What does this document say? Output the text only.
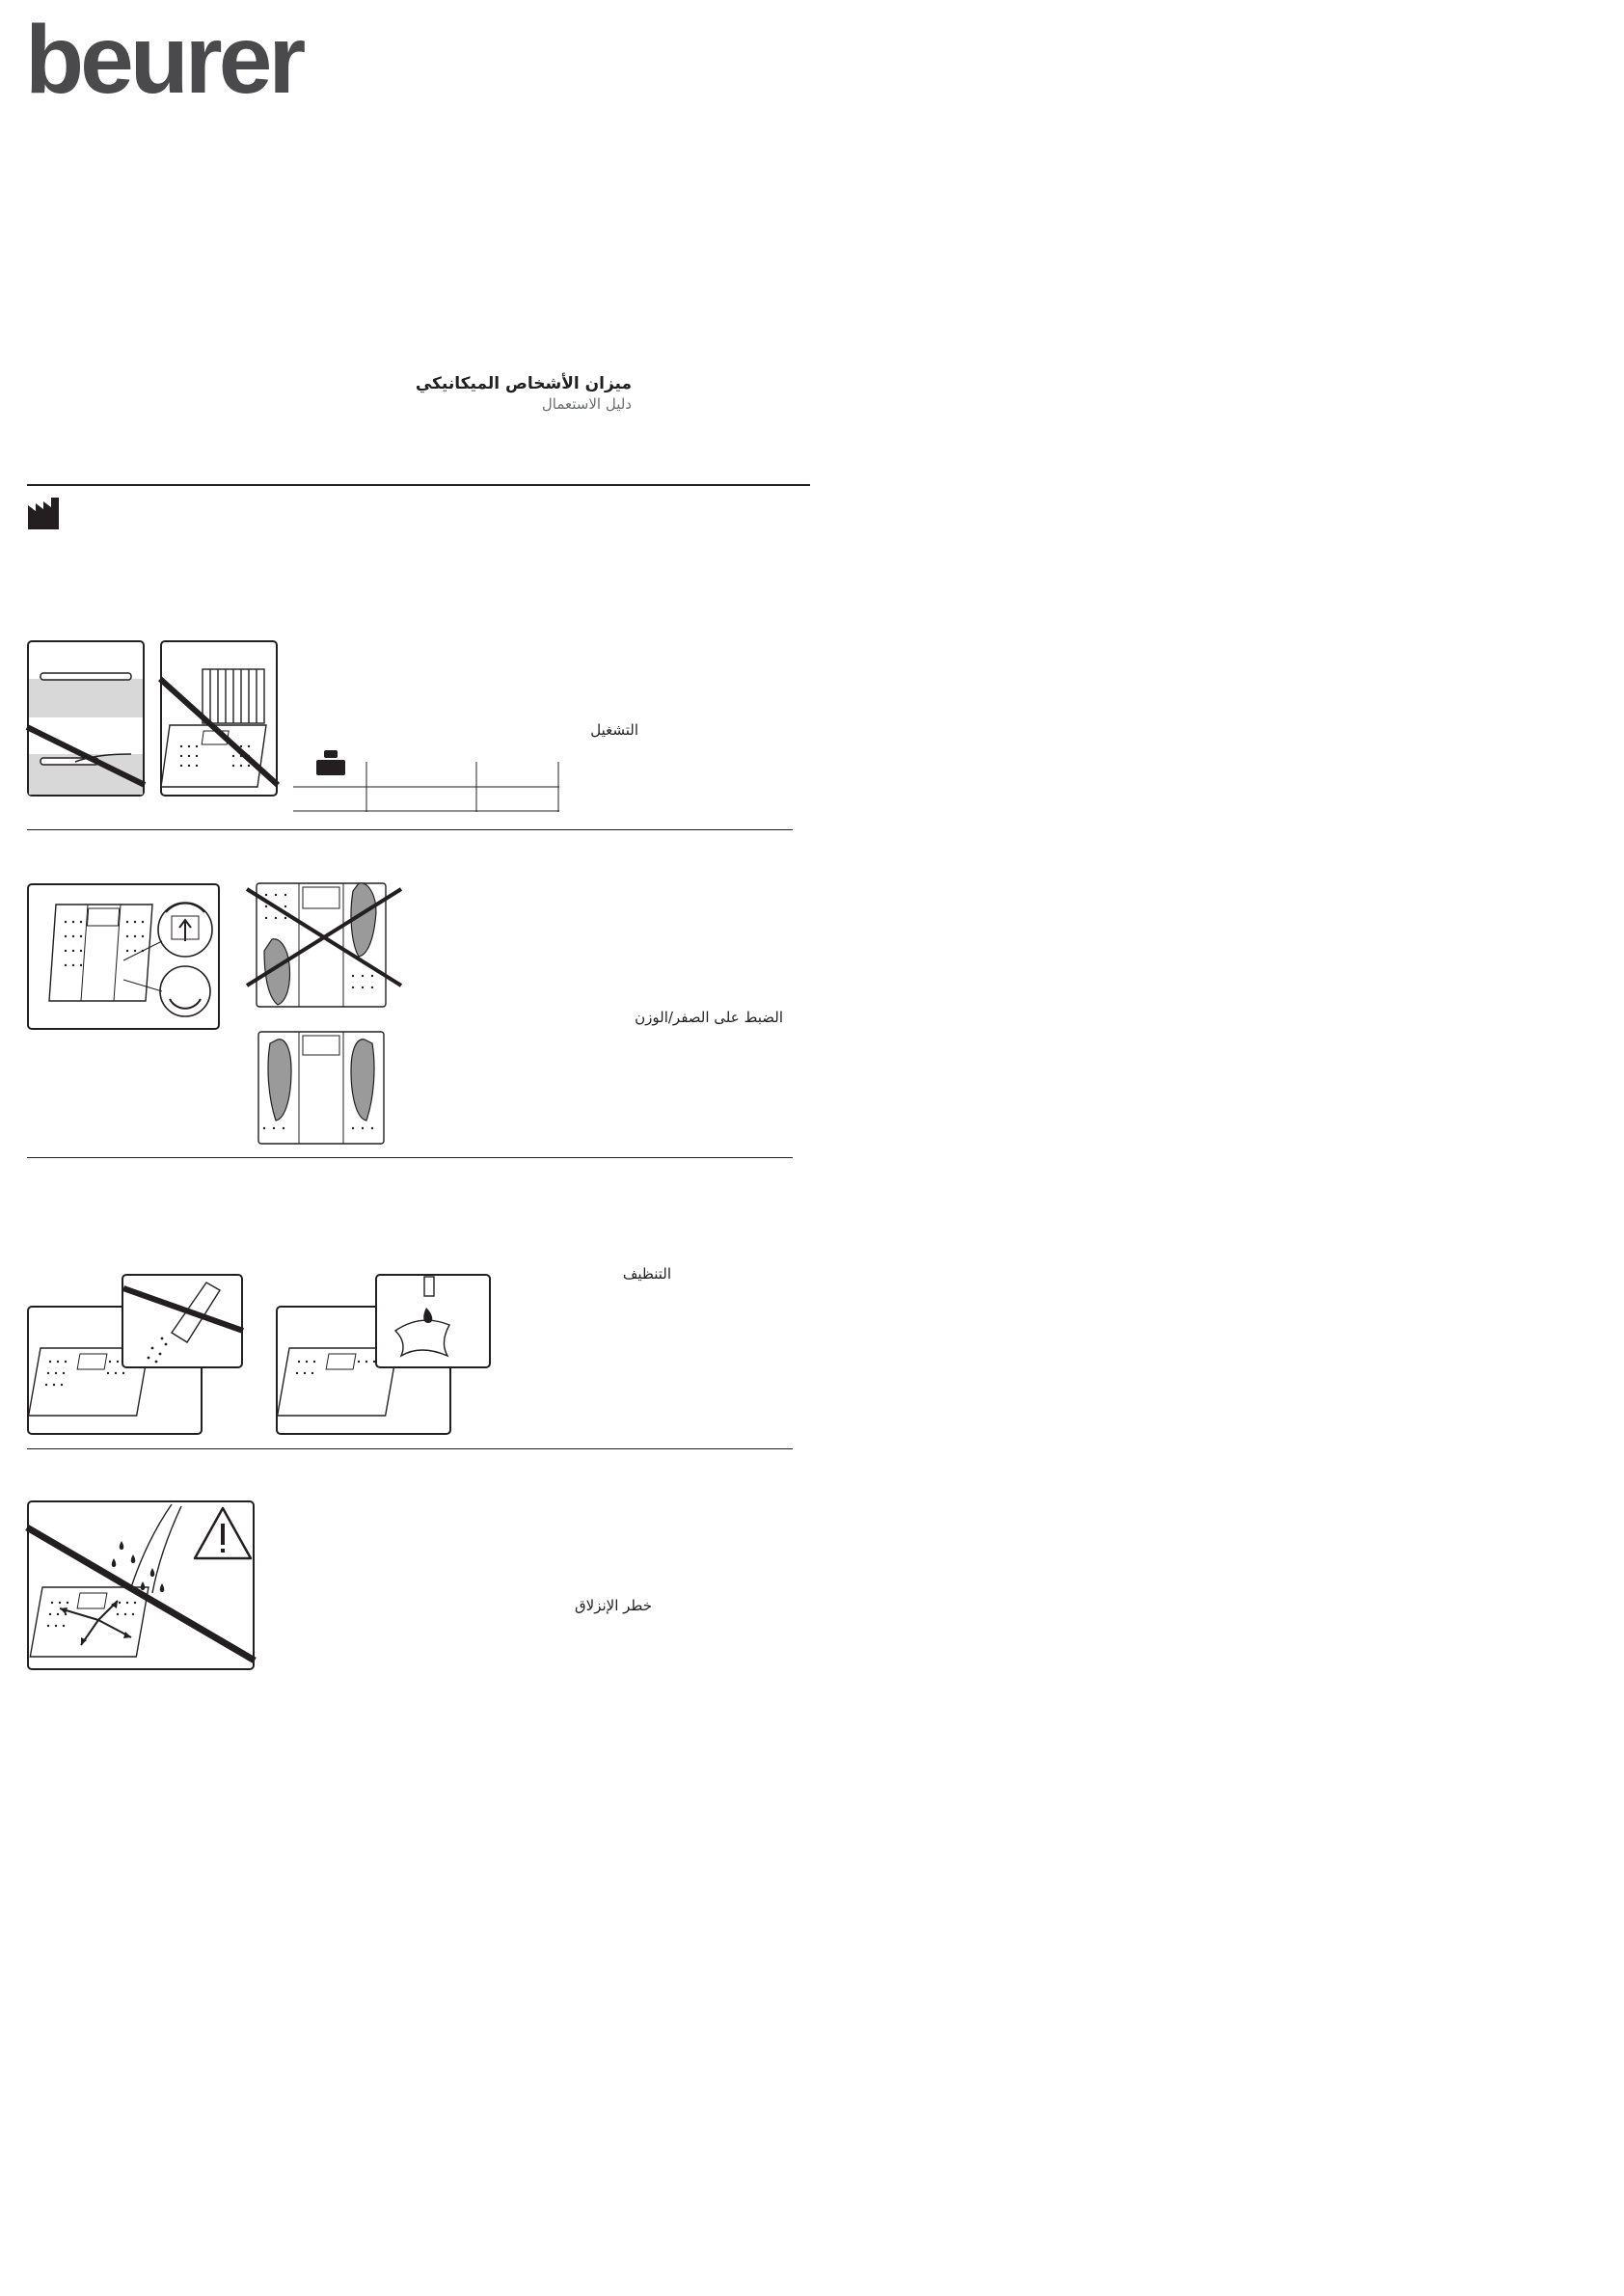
beurer
ميزان الأشخاص الميكانيكي
دليل الاستعمال
التشغيل
الضبط على الصفر/الوزن
التنظيف
خطر الإنزلاق
